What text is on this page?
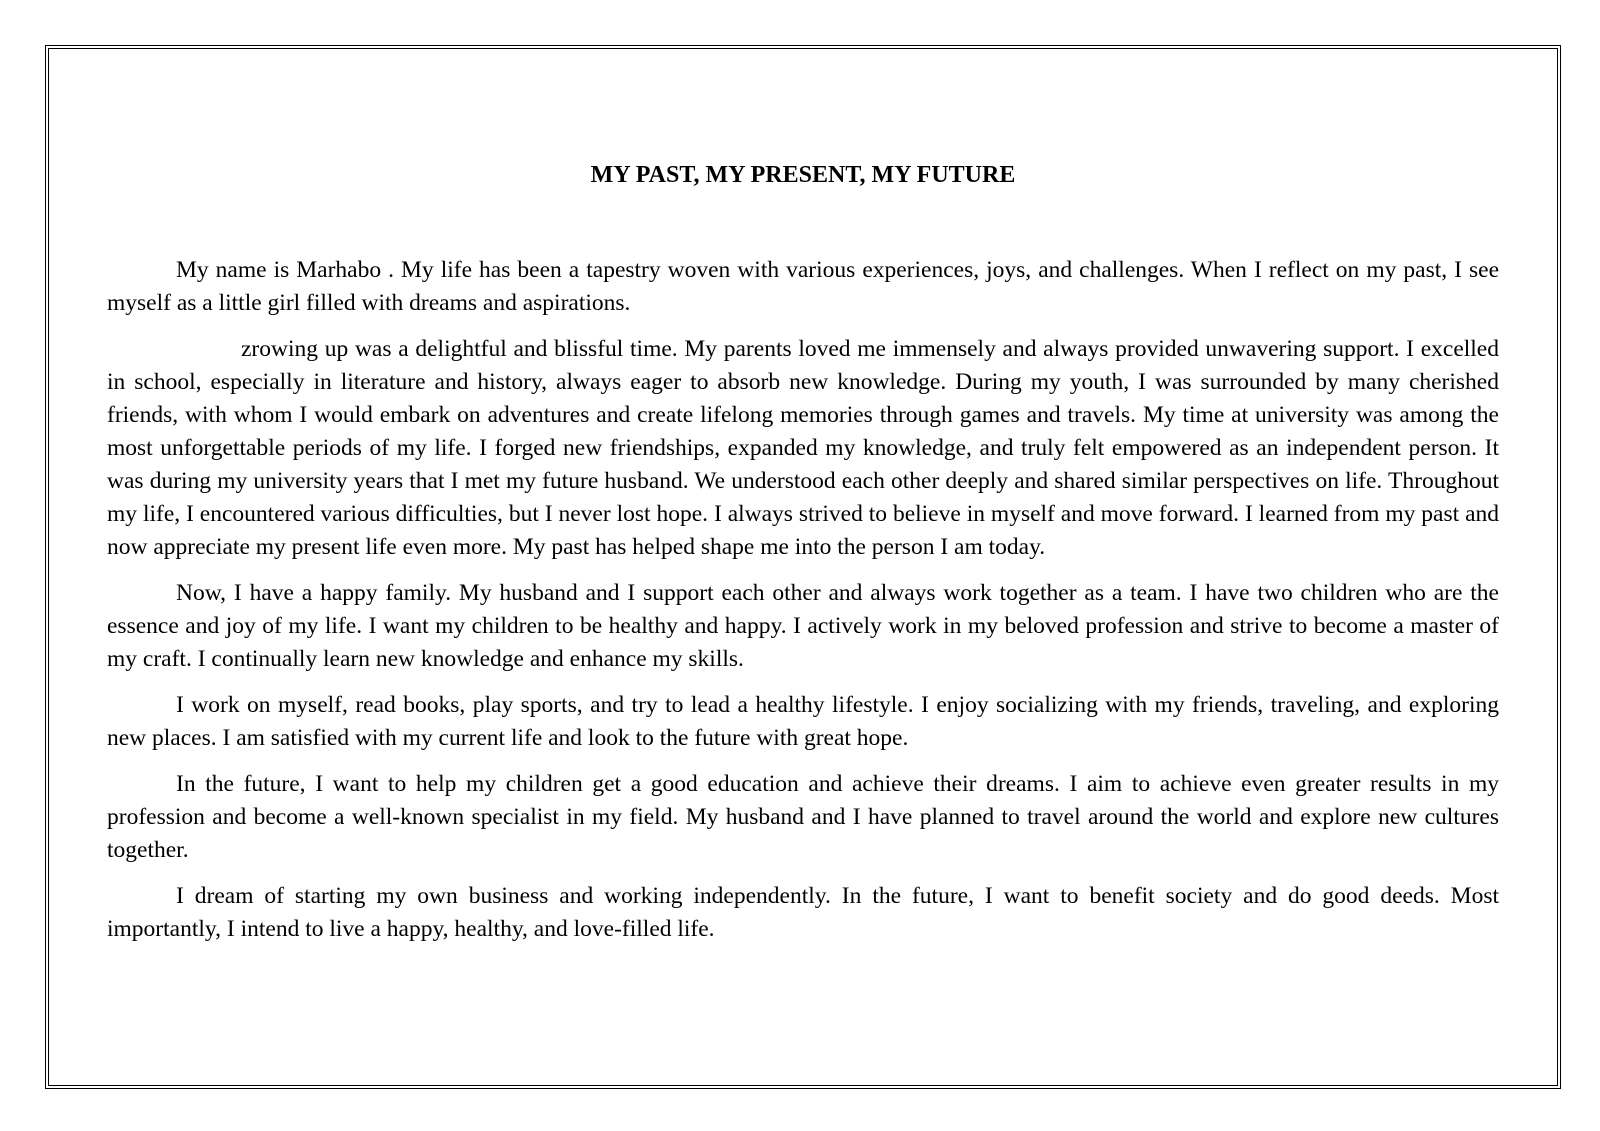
MY PAST, MY PRESENT, MY FUTURE

My name is Marhabo . My life has been a tapestry woven with various experiences, joys, and challenges. When I reflect on my past, I see myself as a little girl filled with dreams and aspirations.

zrowing up was a delightful and blissful time. My parents loved me immensely and always provided unwavering support. I excelled in school, especially in literature and history, always eager to absorb new knowledge. During my youth, I was surrounded by many cherished friends, with whom I would embark on adventures and create lifelong memories through games and travels. My time at university was among the most unforgettable periods of my life. I forged new friendships, expanded my knowledge, and truly felt empowered as an independent person. It was during my university years that I met my future husband. We understood each other deeply and shared similar perspectives on life. Throughout my life, I encountered various difficulties, but I never lost hope. I always strived to believe in myself and move forward. I learned from my past and now appreciate my present life even more. My past has helped shape me into the person I am today.

Now, I have a happy family. My husband and I support each other and always work together as a team. I have two children who are the essence and joy of my life. I want my children to be healthy and happy. I actively work in my beloved profession and strive to become a master of my craft. I continually learn new knowledge and enhance my skills.

I work on myself, read books, play sports, and try to lead a healthy lifestyle. I enjoy socializing with my friends, traveling, and exploring new places. I am satisfied with my current life and look to the future with great hope.

In the future, I want to help my children get a good education and achieve their dreams. I aim to achieve even greater results in my profession and become a well-known specialist in my field. My husband and I have planned to travel around the world and explore new cultures together.

I dream of starting my own business and working independently. In the future, I want to benefit society and do good deeds. Most importantly, I intend to live a happy, healthy, and love-filled life.
